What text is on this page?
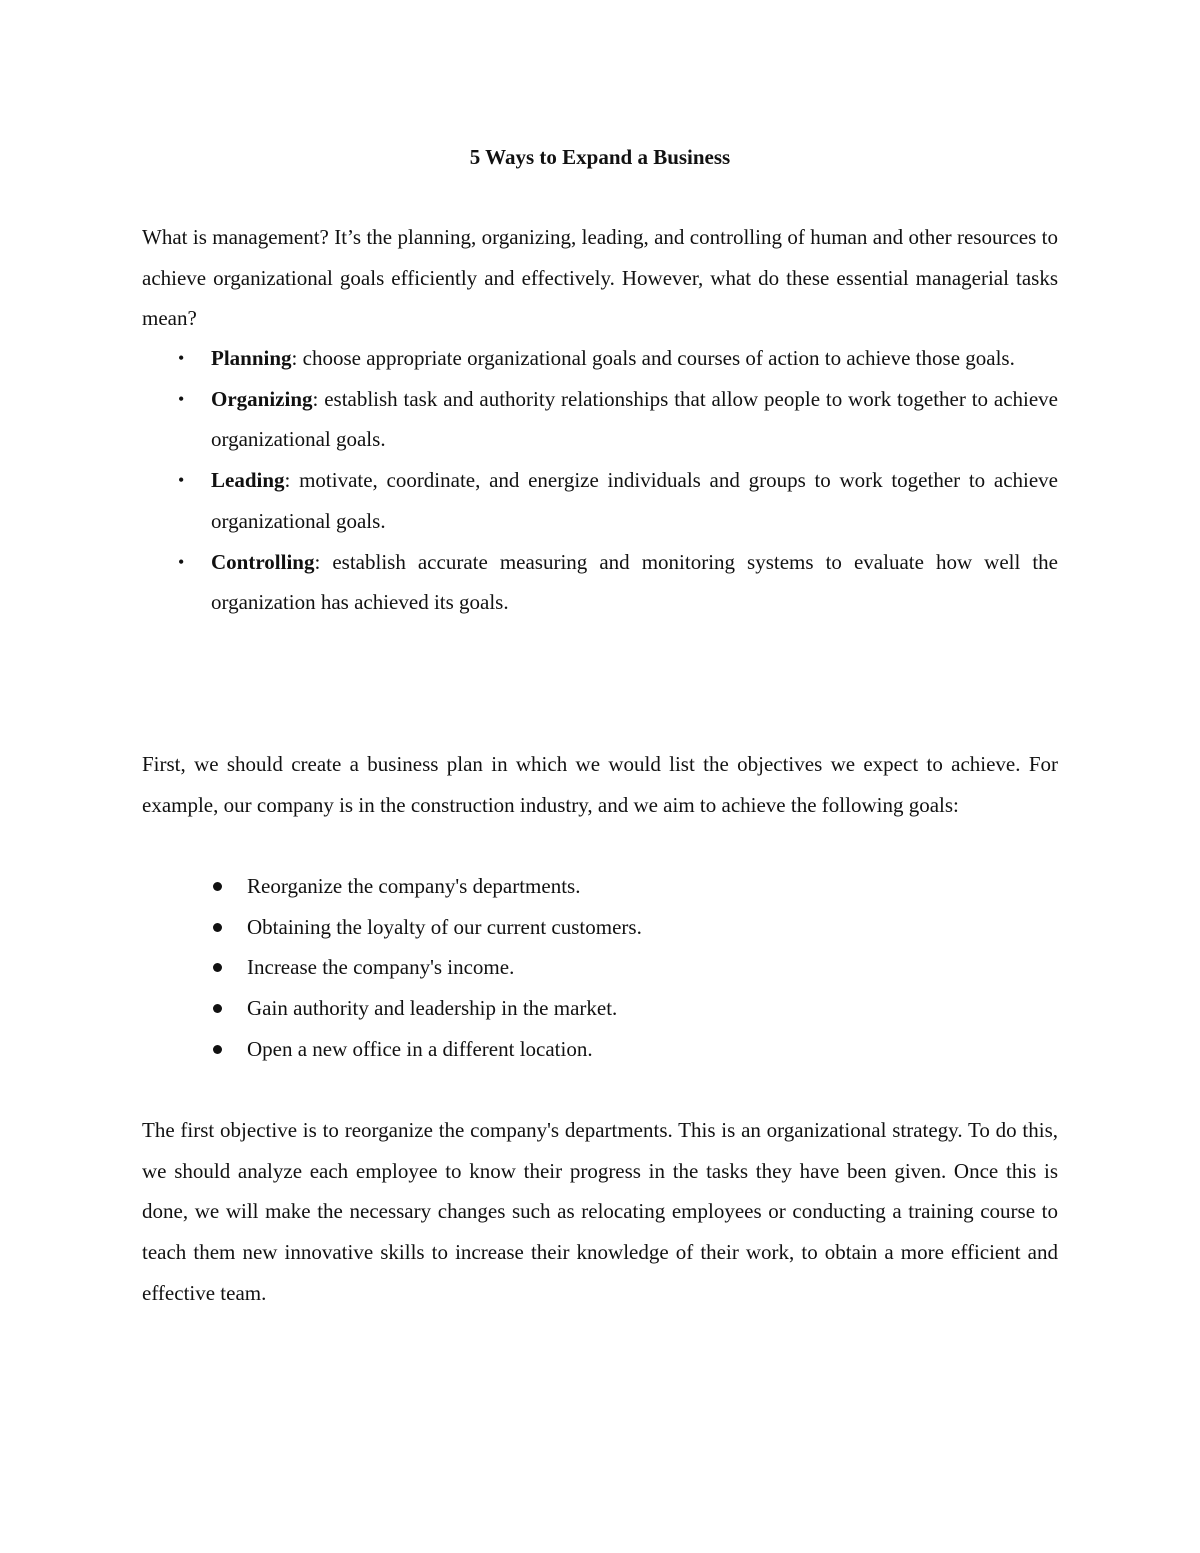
5 Ways to Expand a Business

What is management? It’s the planning, organizing, leading, and controlling of human and other resources to achieve organizational goals efficiently and effectively. However, what do these essential managerial tasks mean?

• Planning: choose appropriate organizational goals and courses of action to achieve those goals.
• Organizing: establish task and authority relationships that allow people to work together to achieve organizational goals.
• Leading: motivate, coordinate, and energize individuals and groups to work together to achieve organizational goals.
• Controlling: establish accurate measuring and monitoring systems to evaluate how well the organization has achieved its goals.

First, we should create a business plan in which we would list the objectives we expect to achieve. For example, our company is in the construction industry, and we aim to achieve the following goals:

Reorganize the company's departments.
Obtaining the loyalty of our current customers.
Increase the company's income.
Gain authority and leadership in the market.
Open a new office in a different location.

The first objective is to reorganize the company's departments. This is an organizational strategy. To do this, we should analyze each employee to know their progress in the tasks they have been given. Once this is done, we will make the necessary changes such as relocating employees or conducting a training course to teach them new innovative skills to increase their knowledge of their work, to obtain a more efficient and effective team.
